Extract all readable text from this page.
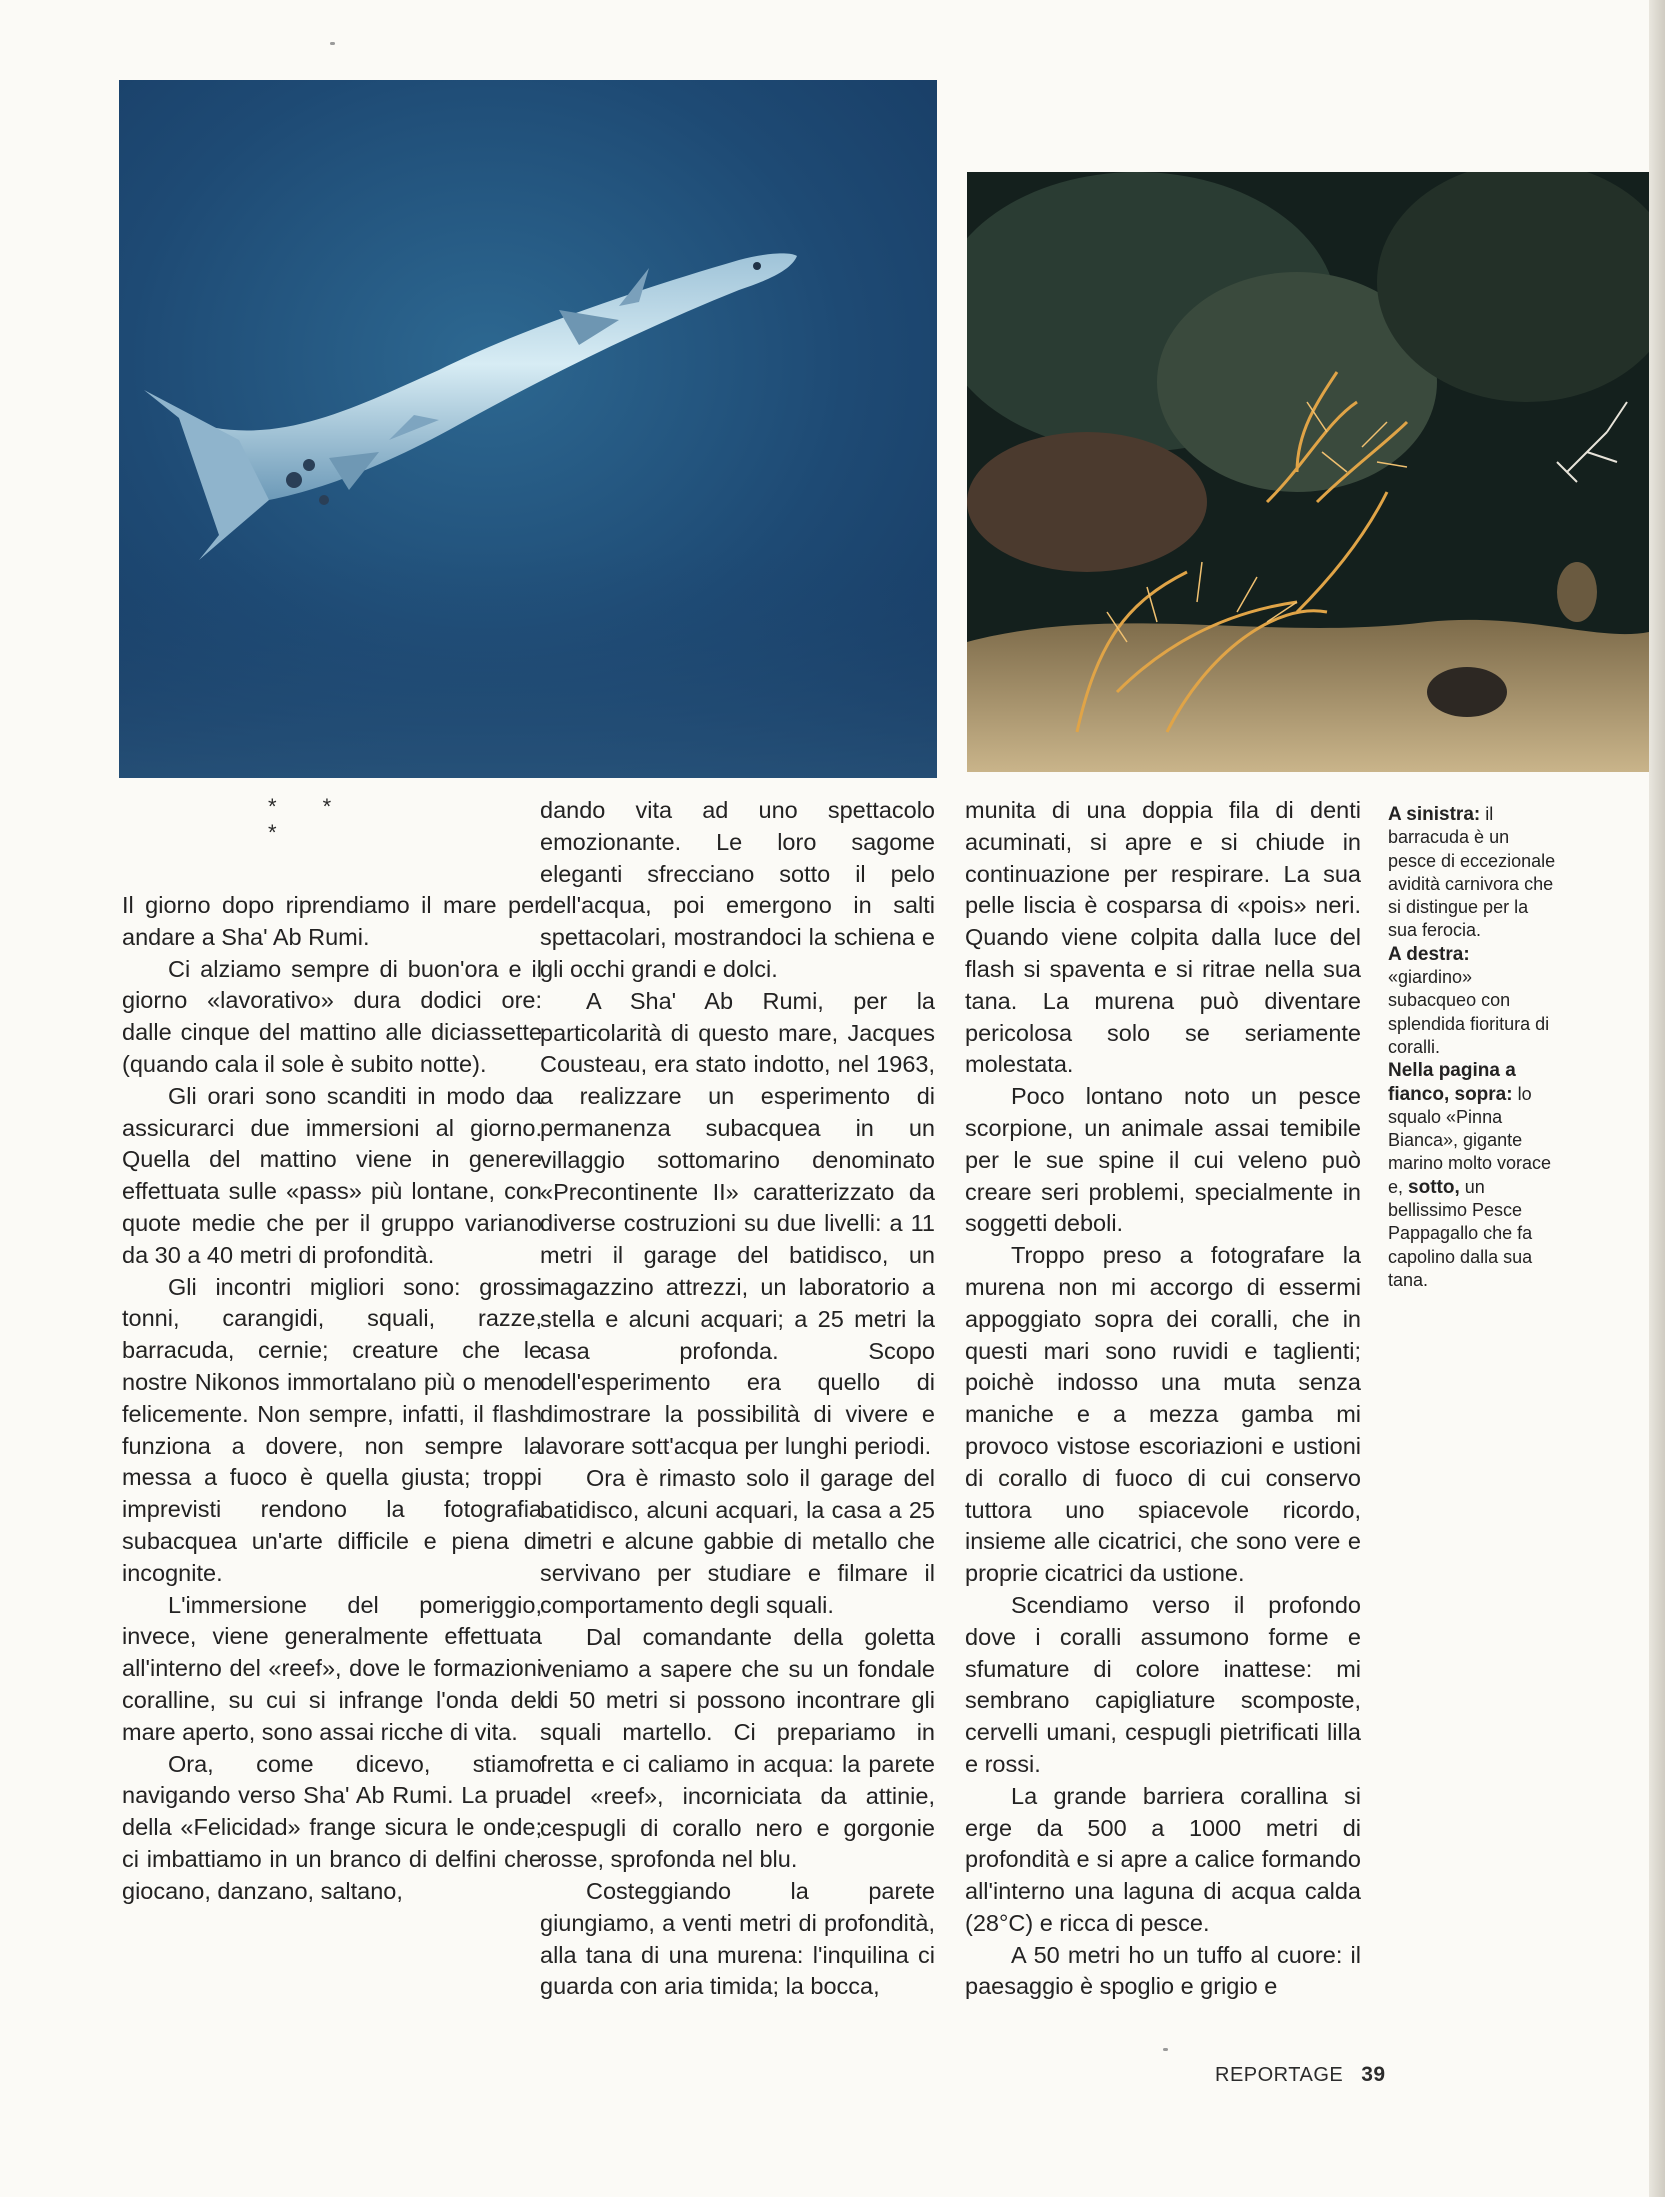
* * *

Il giorno dopo riprendiamo il mare per andare a Sha' Ab Rumi.

Ci alziamo sempre di buon'ora e il giorno «lavorativo» dura dodici ore: dalle cinque del mattino alle diciassette (quando cala il sole è subito notte).

Gli orari sono scanditi in modo da assicurarci due immersioni al giorno. Quella del mattino viene in genere effettuata sulle «pass» più lontane, con quote medie che per il gruppo variano da 30 a 40 metri di profondità.

Gli incontri migliori sono: grossi tonni, carangidi, squali, razze, barracuda, cernie; creature che le nostre Nikonos immortalano più o meno felicemente. Non sempre, infatti, il flash funziona a dovere, non sempre la messa a fuoco è quella giusta; troppi imprevisti rendono la fotografia subacquea un'arte difficile e piena di incognite.

L'immersione del pomeriggio, invece, viene generalmente effettuata all'interno del «reef», dove le formazioni coralline, su cui si infrange l'onda del mare aperto, sono assai ricche di vita.

Ora, come dicevo, stiamo navigando verso Sha' Ab Rumi. La prua della «Felicidad» frange sicura le onde; ci imbattiamo in un branco di delfini che giocano, danzano, saltano,

dando vita ad uno spettacolo emozionante. Le loro sagome eleganti sfrecciano sotto il pelo dell'acqua, poi emergono in salti spettacolari, mostrandoci la schiena e gli occhi grandi e dolci.

A Sha' Ab Rumi, per la particolarità di questo mare, Jacques Cousteau, era stato indotto, nel 1963, a realizzare un esperimento di permanenza subacquea in un villaggio sottomarino denominato «Precontinente II» caratterizzato da diverse costruzioni su due livelli: a 11 metri il garage del batidisco, un magazzino attrezzi, un laboratorio a stella e alcuni acquari; a 25 metri la casa profonda. Scopo dell'esperimento era quello di dimostrare la possibilità di vivere e lavorare sott'acqua per lunghi periodi.

Ora è rimasto solo il garage del batidisco, alcuni acquari, la casa a 25 metri e alcune gabbie di metallo che servivano per studiare e filmare il comportamento degli squali.

Dal comandante della goletta veniamo a sapere che su un fondale di 50 metri si possono incontrare gli squali martello. Ci prepariamo in fretta e ci caliamo in acqua: la parete del «reef», incorniciata da attinie, cespugli di corallo nero e gorgonie rosse, sprofonda nel blu.

Costeggiando la parete giungiamo, a venti metri di profondità, alla tana di una murena: l'inquilina ci guarda con aria timida; la bocca,

munita di una doppia fila di denti acuminati, si apre e si chiude in continuazione per respirare. La sua pelle liscia è cosparsa di «pois» neri. Quando viene colpita dalla luce del flash si spaventa e si ritrae nella sua tana. La murena può diventare pericolosa solo se seriamente molestata.

Poco lontano noto un pesce scorpione, un animale assai temibile per le sue spine il cui veleno può creare seri problemi, specialmente in soggetti deboli.

Troppo preso a fotografare la murena non mi accorgo di essermi appoggiato sopra dei coralli, che in questi mari sono ruvidi e taglienti; poichè indosso una muta senza maniche e a mezza gamba mi provoco vistose escoriazioni e ustioni di corallo di fuoco di cui conservo tuttora uno spiacevole ricordo, insieme alle cicatrici, che sono vere e proprie cicatrici da ustione.

Scendiamo verso il profondo dove i coralli assumono forme e sfumature di colore inattese: mi sembrano capigliature scomposte, cervelli umani, cespugli pietrificati lilla e rossi.

La grande barriera corallina si erge da 500 a 1000 metri di profondità e si apre a calice formando all'interno una laguna di acqua calda (28°C) e ricca di pesce.

A 50 metri ho un tuffo al cuore: il paesaggio è spoglio e grigio e

A sinistra: il barracuda è un pesce di eccezionale avidità carnivora che si distingue per la sua ferocia.

A destra: «giardino» subacqueo con splendida fioritura di coralli.

Nella pagina a fianco, sopra: lo squalo «Pinna Bianca», gigante marino molto vorace e, sotto, un bellissimo Pesce Pappagallo che fa capolino dalla sua tana.

REPORTAGE 39
